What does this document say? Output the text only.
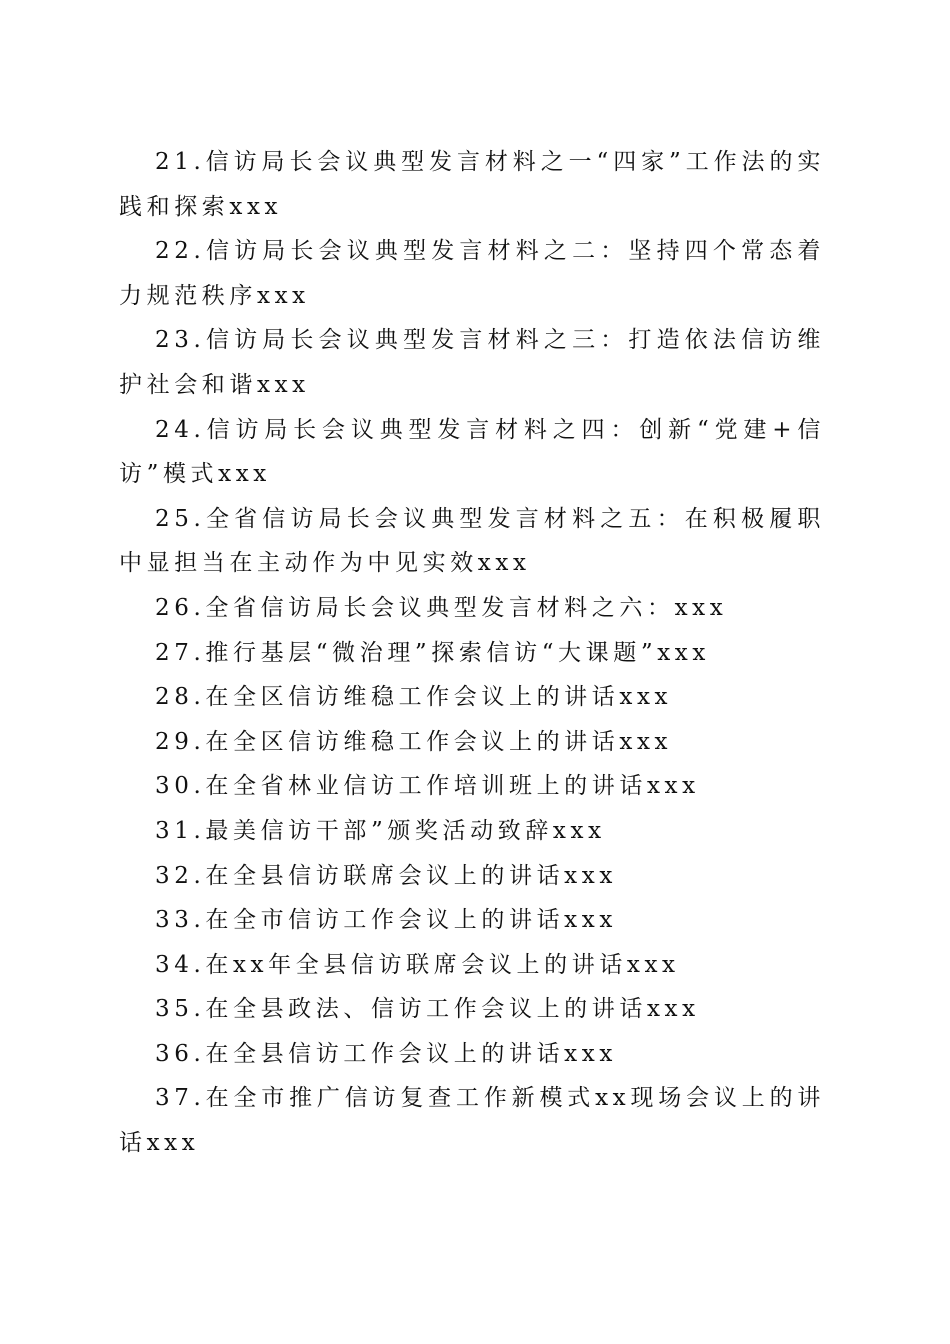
21.信访局长会议典型发言材料之一“四家”工作法的实践和探索xxx

22.信访局长会议典型发言材料之二：坚持四个常态着力规范秩序xxx

23.信访局长会议典型发言材料之三：打造依法信访维护社会和谐xxx

24.信访局长会议典型发言材料之四：创新“党建+信访”模式xxx

25.全省信访局长会议典型发言材料之五：在积极履职中显担当在主动作为中见实效xxx

26.全省信访局长会议典型发言材料之六：xxx

27.推行基层“微治理”探索信访“大课题”xxx

28.在全区信访维稳工作会议上的讲话xxx

29.在全区信访维稳工作会议上的讲话xxx

30.在全省林业信访工作培训班上的讲话xxx

31.最美信访干部”颁奖活动致辞xxx

32.在全县信访联席会议上的讲话xxx

33.在全市信访工作会议上的讲话xxx

34.在xx年全县信访联席会议上的讲话xxx

35.在全县政法、信访工作会议上的讲话xxx

36.在全县信访工作会议上的讲话xxx

37.在全市推广信访复查工作新模式xx现场会议上的讲话xxx
